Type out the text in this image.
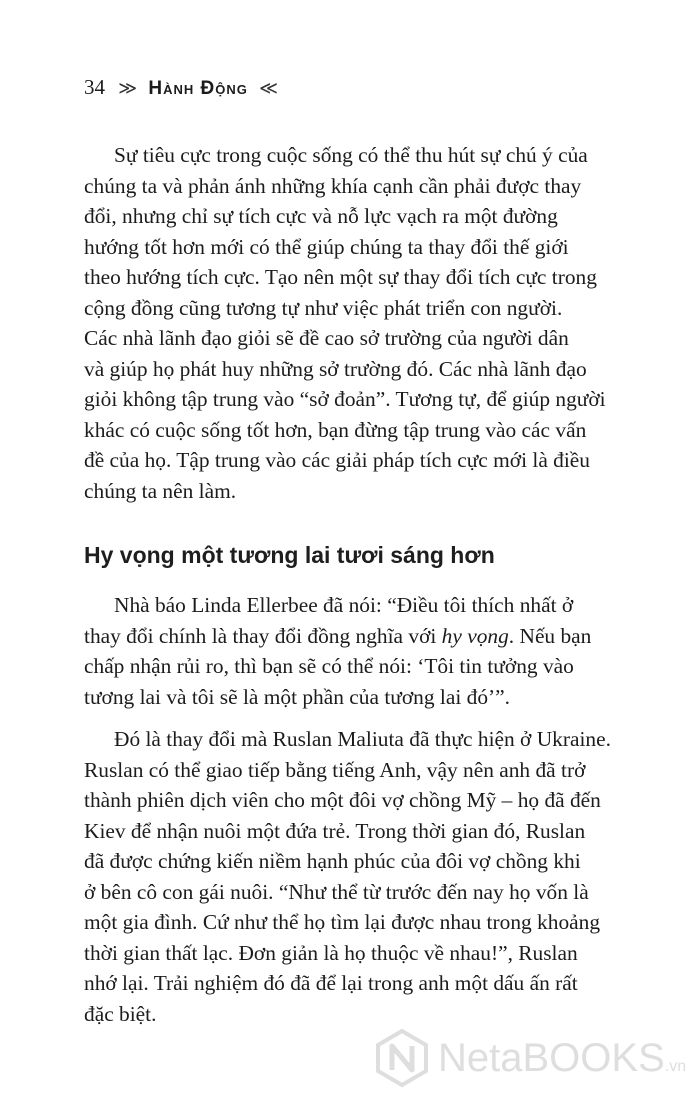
34 ≫ Hành Động ≪
Sự tiêu cực trong cuộc sống có thể thu hút sự chú ý của
chúng ta và phản ánh những khía cạnh cần phải được thay
đổi, nhưng chỉ sự tích cực và nỗ lực vạch ra một đường
hướng tốt hơn mới có thể giúp chúng ta thay đổi thế giới
theo hướng tích cực. Tạo nên một sự thay đổi tích cực trong
cộng đồng cũng tương tự như việc phát triển con người.
Các nhà lãnh đạo giỏi sẽ đề cao sở trường của người dân
và giúp họ phát huy những sở trường đó. Các nhà lãnh đạo
giỏi không tập trung vào “sở đoản”. Tương tự, để giúp người
khác có cuộc sống tốt hơn, bạn đừng tập trung vào các vấn
đề của họ. Tập trung vào các giải pháp tích cực mới là điều
chúng ta nên làm.
Hy vọng một tương lai tươi sáng hơn
Nhà báo Linda Ellerbee đã nói: “Điều tôi thích nhất ở
thay đổi chính là thay đổi đồng nghĩa với hy vọng. Nếu bạn
chấp nhận rủi ro, thì bạn sẽ có thể nói: ‘Tôi tin tưởng vào
tương lai và tôi sẽ là một phần của tương lai đó’”.
Đó là thay đổi mà Ruslan Maliuta đã thực hiện ở Ukraine.
Ruslan có thể giao tiếp bằng tiếng Anh, vậy nên anh đã trở
thành phiên dịch viên cho một đôi vợ chồng Mỹ – họ đã đến
Kiev để nhận nuôi một đứa trẻ. Trong thời gian đó, Ruslan
đã được chứng kiến niềm hạnh phúc của đôi vợ chồng khi
ở bên cô con gái nuôi. “Như thể từ trước đến nay họ vốn là
một gia đình. Cứ như thể họ tìm lại được nhau trong khoảng
thời gian thất lạc. Đơn giản là họ thuộc về nhau!”, Ruslan
nhớ lại. Trải nghiệm đó đã để lại trong anh một dấu ấn rất
đặc biệt.
NetaBOOKS.vn
